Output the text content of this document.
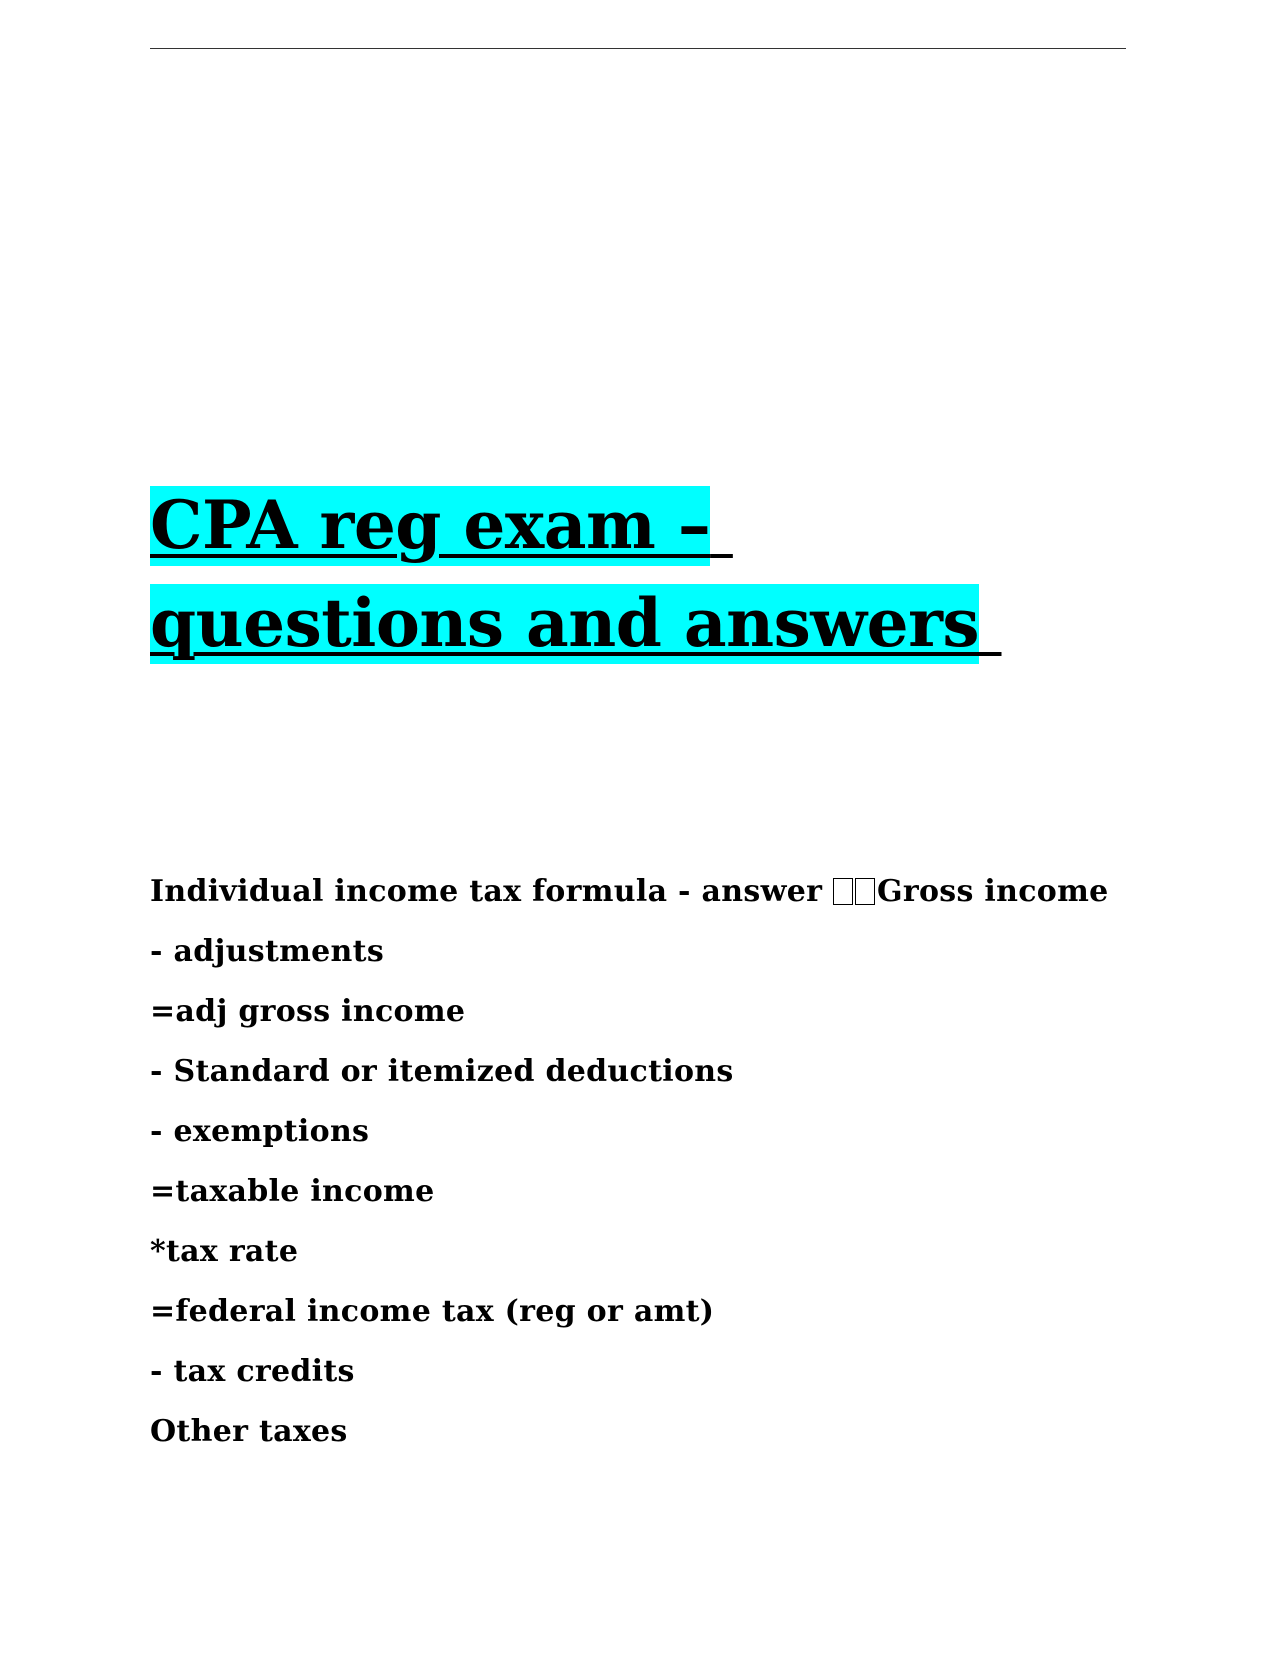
CPA reg exam –
questions and answers
Individual income tax formula - answer Gross income
- adjustments
=adj gross income
- Standard or itemized deductions
- exemptions
=taxable income
*tax rate
=federal income tax (reg or amt)
- tax credits
Other taxes
